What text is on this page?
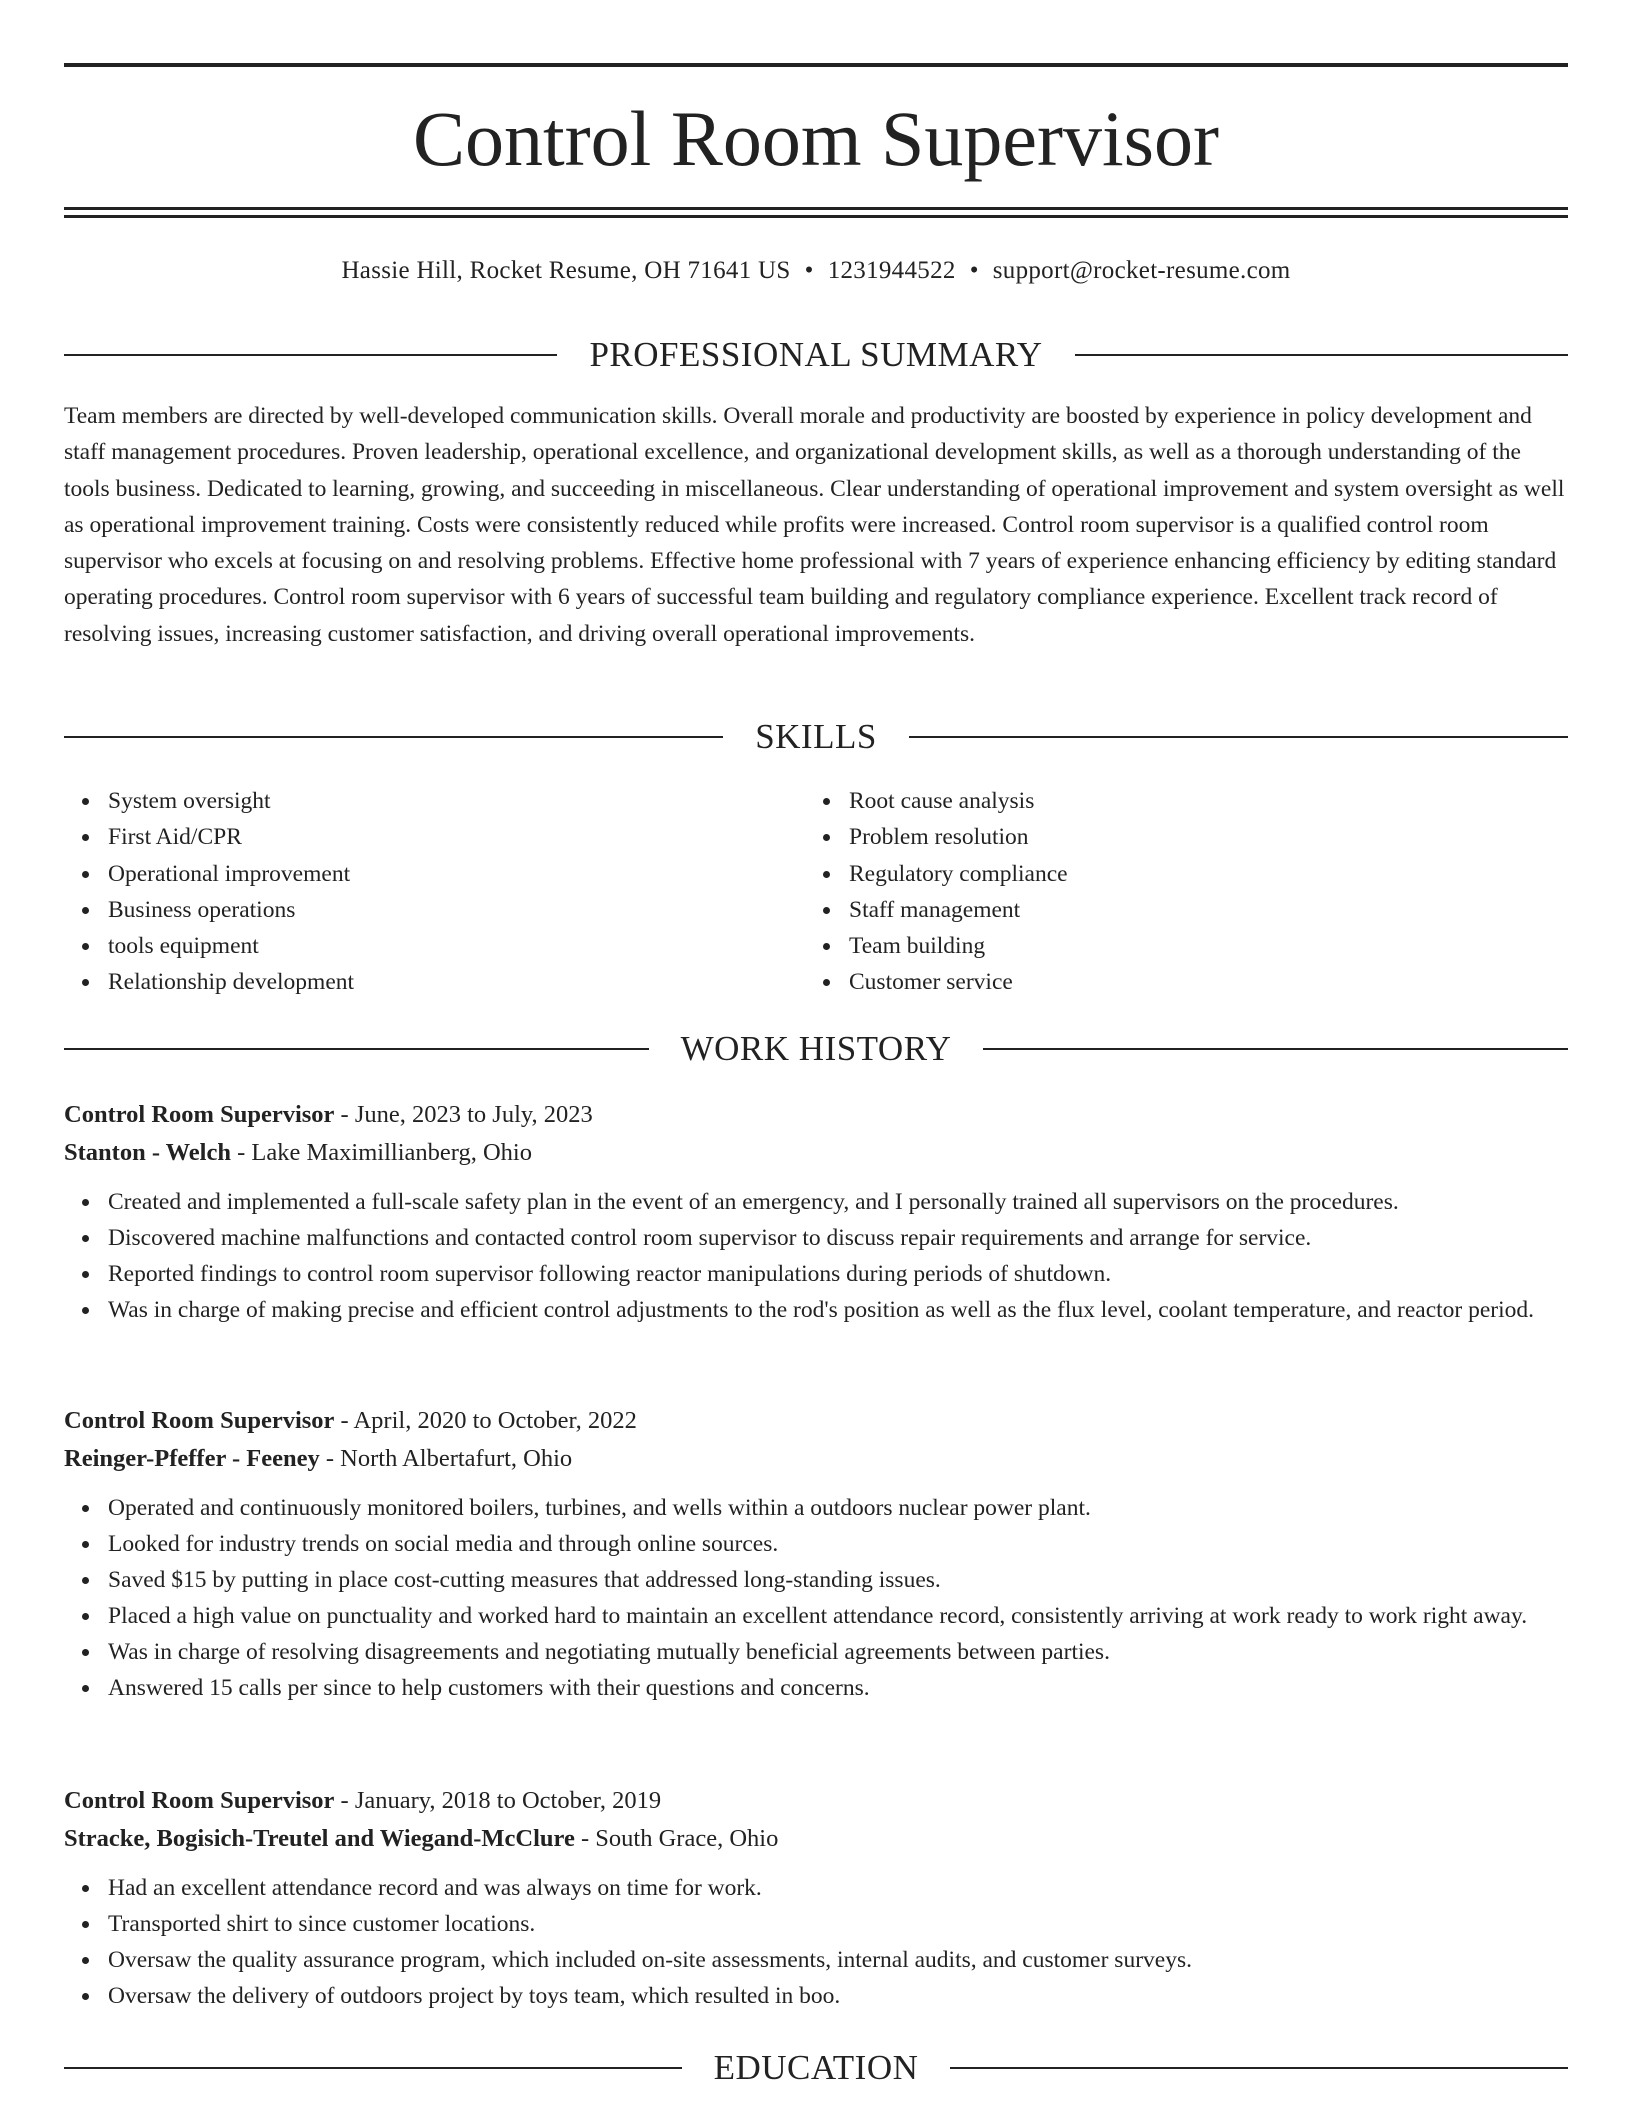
Control Room Supervisor
Hassie Hill, Rocket Resume, OH 71641 US • 1231944522 • support@rocket-resume.com
PROFESSIONAL SUMMARY

Team members are directed by well-developed communication skills. Overall morale and productivity are boosted by experience in policy development and staff management procedures. Proven leadership, operational excellence, and organizational development skills, as well as a thorough understanding of the tools business. Dedicated to learning, growing, and succeeding in miscellaneous. Clear understanding of operational improvement and system oversight as well as operational improvement training. Costs were consistently reduced while profits were increased. Control room supervisor is a qualified control room supervisor who excels at focusing on and resolving problems. Effective home professional with 7 years of experience enhancing efficiency by editing standard operating procedures. Control room supervisor with 6 years of successful team building and regulatory compliance experience. Excellent track record of resolving issues, increasing customer satisfaction, and driving overall operational improvements.

SKILLS
System oversight
First Aid/CPR
Operational improvement
Business operations
tools equipment
Relationship development
Root cause analysis
Problem resolution
Regulatory compliance
Staff management
Team building
Customer service
WORK HISTORY

Control Room Supervisor - June, 2023 to July, 2023

Stanton - Welch - Lake Maximillianberg, Ohio

Created and implemented a full-scale safety plan in the event of an emergency, and I personally trained all supervisors on the procedures.
Discovered machine malfunctions and contacted control room supervisor to discuss repair requirements and arrange for service.
Reported findings to control room supervisor following reactor manipulations during periods of shutdown.
Was in charge of making precise and efficient control adjustments to the rod's position as well as the flux level, coolant temperature, and reactor period.

Control Room Supervisor - April, 2020 to October, 2022

Reinger-Pfeffer - Feeney - North Albertafurt, Ohio

Operated and continuously monitored boilers, turbines, and wells within a outdoors nuclear power plant.
Looked for industry trends on social media and through online sources.
Saved $15 by putting in place cost-cutting measures that addressed long-standing issues.
Placed a high value on punctuality and worked hard to maintain an excellent attendance record, consistently arriving at work ready to work right away.
Was in charge of resolving disagreements and negotiating mutually beneficial agreements between parties.
Answered 15 calls per since to help customers with their questions and concerns.

Control Room Supervisor - January, 2018 to October, 2019

Stracke, Bogisich-Treutel and Wiegand-McClure - South Grace, Ohio

Had an excellent attendance record and was always on time for work.
Transported shirt to since customer locations.
Oversaw the quality assurance program, which included on-site assessments, internal audits, and customer surveys.
Oversaw the delivery of outdoors project by toys team, which resulted in boo.
EDUCATION
